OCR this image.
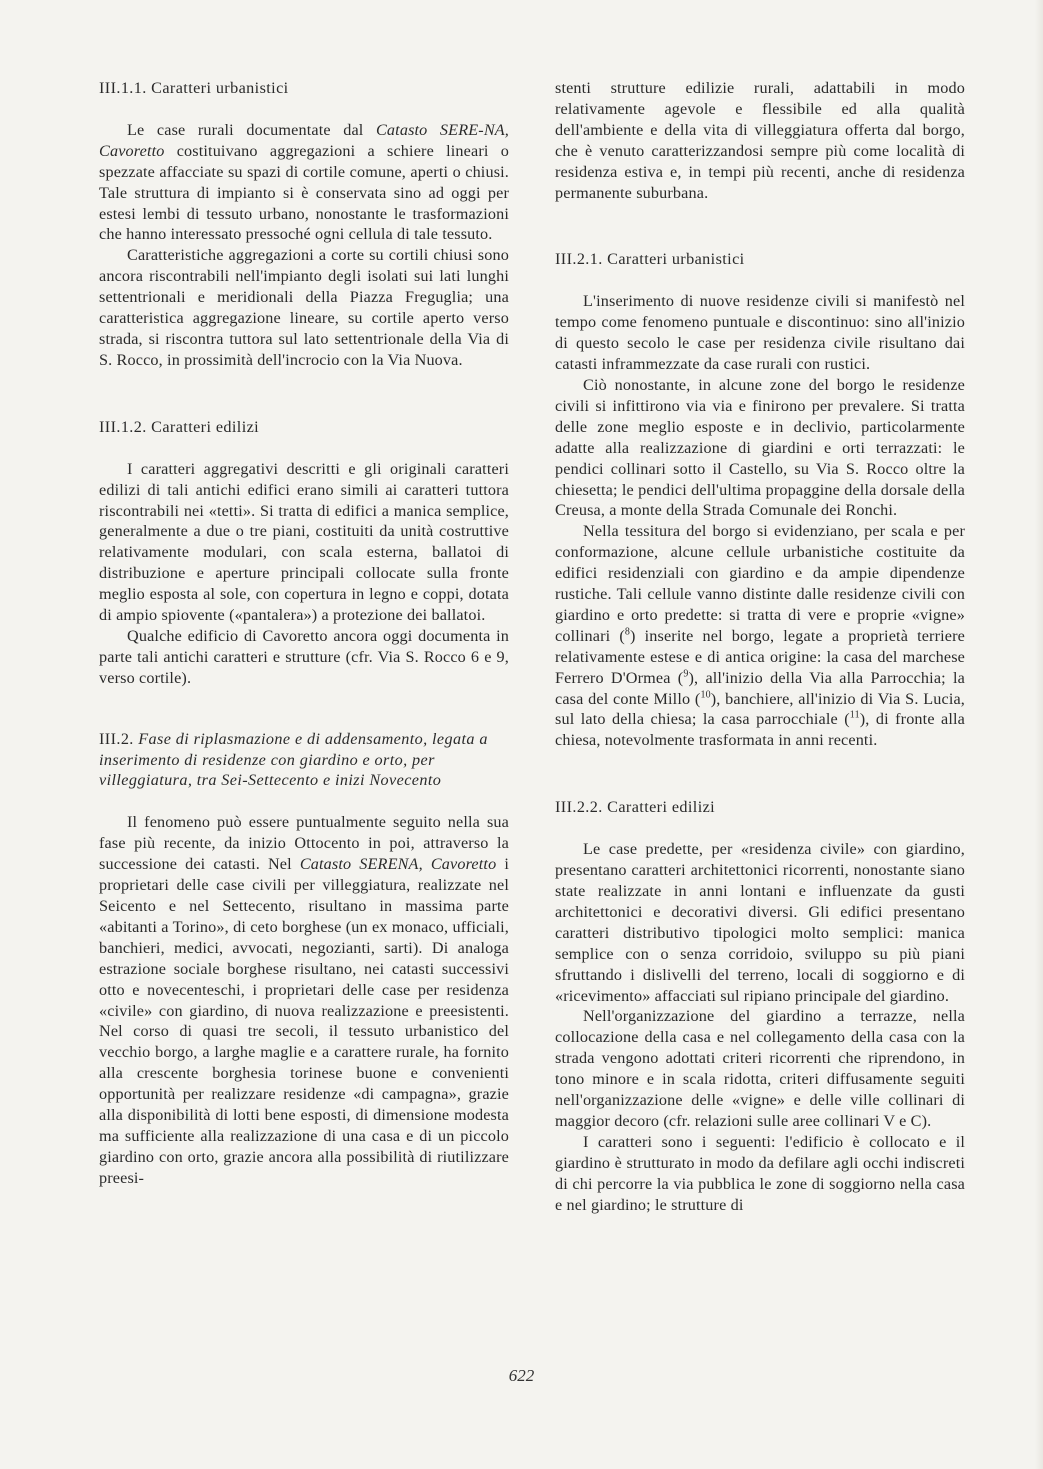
III.1.1. Caratteri urbanistici

Le case rurali documentate dal Catasto SERE-NA, Cavoretto costituivano aggregazioni a schiere lineari o spezzate affacciate su spazi di cortile comune, aperti o chiusi. Tale struttura di impianto si è conservata sino ad oggi per estesi lembi di tessuto urbano, nonostante le trasformazioni che hanno interessato pressoché ogni cellula di tale tessuto.

Caratteristiche aggregazioni a corte su cortili chiusi sono ancora riscontrabili nell'impianto degli isolati sui lati lunghi settentrionali e meridionali della Piazza Freguglia; una caratteristica aggregazione lineare, su cortile aperto verso strada, si riscontra tuttora sul lato settentrionale della Via di S. Rocco, in prossimità dell'incrocio con la Via Nuova.

III.1.2. Caratteri edilizi

I caratteri aggregativi descritti e gli originali caratteri edilizi di tali antichi edifici erano simili ai caratteri tuttora riscontrabili nei «tetti». Si tratta di edifici a manica semplice, generalmente a due o tre piani, costituiti da unità costruttive relativamente modulari, con scala esterna, ballatoi di distribuzione e aperture principali collocate sulla fronte meglio esposta al sole, con copertura in legno e coppi, dotata di ampio spiovente («pantalera») a protezione dei ballatoi.

Qualche edificio di Cavoretto ancora oggi documenta in parte tali antichi caratteri e strutture (cfr. Via S. Rocco 6 e 9, verso cortile).

III.2. Fase di riplasmazione e di addensamento, legata a inserimento di residenze con giardino e orto, per villeggiatura, tra Sei-Settecento e inizi Novecento

Il fenomeno può essere puntualmente seguito nella sua fase più recente, da inizio Ottocento in poi, attraverso la successione dei catasti. Nel Catasto SERENA, Cavoretto i proprietari delle case civili per villeggiatura, realizzate nel Seicento e nel Settecento, risultano in massima parte «abitanti a Torino», di ceto borghese (un ex monaco, ufficiali, banchieri, medici, avvocati, negozianti, sarti). Di analoga estrazione sociale borghese risultano, nei catasti successivi otto e novecenteschi, i proprietari delle case per residenza «civile» con giardino, di nuova realizzazione e preesistenti. Nel corso di quasi tre secoli, il tessuto urbanistico del vecchio borgo, a larghe maglie e a carattere rurale, ha fornito alla crescente borghesia torinese buone e convenienti opportunità per realizzare residenze «di campagna», grazie alla disponibilità di lotti bene esposti, di dimensione modesta ma sufficiente alla realizzazione di una casa e di un piccolo giardino con orto, grazie ancora alla possibilità di riutilizzare preesi-

stenti strutture edilizie rurali, adattabili in modo relativamente agevole e flessibile ed alla qualità dell'ambiente e della vita di villeggiatura offerta dal borgo, che è venuto caratterizzandosi sempre più come località di residenza estiva e, in tempi più recenti, anche di residenza permanente suburbana.

III.2.1. Caratteri urbanistici

L'inserimento di nuove residenze civili si manifestò nel tempo come fenomeno puntuale e discontinuo: sino all'inizio di questo secolo le case per residenza civile risultano dai catasti inframmezzate da case rurali con rustici.

Ciò nonostante, in alcune zone del borgo le residenze civili si infittirono via via e finirono per prevalere. Si tratta delle zone meglio esposte e in declivio, particolarmente adatte alla realizzazione di giardini e orti terrazzati: le pendici collinari sotto il Castello, su Via S. Rocco oltre la chiesetta; le pendici dell'ultima propaggine della dorsale della Creusa, a monte della Strada Comunale dei Ronchi.

Nella tessitura del borgo si evidenziano, per scala e per conformazione, alcune cellule urbanistiche costituite da edifici residenziali con giardino e da ampie dipendenze rustiche. Tali cellule vanno distinte dalle residenze civili con giardino e orto predette: si tratta di vere e proprie «vigne» collinari ($^8$) inserite nel borgo, legate a proprietà terriere relativamente estese e di antica origine: la casa del marchese Ferrero D'Ormea ($^9$), all'inizio della Via alla Parrocchia; la casa del conte Millo ($^{10}$), banchiere, all'inizio di Via S. Lucia, sul lato della chiesa; la casa parrocchiale ($^{11}$), di fronte alla chiesa, notevolmente trasformata in anni recenti.

III.2.2. Caratteri edilizi

Le case predette, per «residenza civile» con giardino, presentano caratteri architettonici ricorrenti, nonostante siano state realizzate in anni lontani e influenzate da gusti architettonici e decorativi diversi. Gli edifici presentano caratteri distributivo tipologici molto semplici: manica semplice con o senza corridoio, sviluppo su più piani sfruttando i dislivelli del terreno, locali di soggiorno e di «ricevimento» affacciati sul ripiano principale del giardino.

Nell'organizzazione del giardino a terrazze, nella collocazione della casa e nel collegamento della casa con la strada vengono adottati criteri ricorrenti che riprendono, in tono minore e in scala ridotta, criteri diffusamente seguiti nell'organizzazione delle «vigne» e delle ville collinari di maggior decoro (cfr. relazioni sulle aree collinari V e C).

I caratteri sono i seguenti: l'edificio è collocato e il giardino è strutturato in modo da defilare agli occhi indiscreti di chi percorre la via pubblica le zone di soggiorno nella casa e nel giardino; le strutture di

622
